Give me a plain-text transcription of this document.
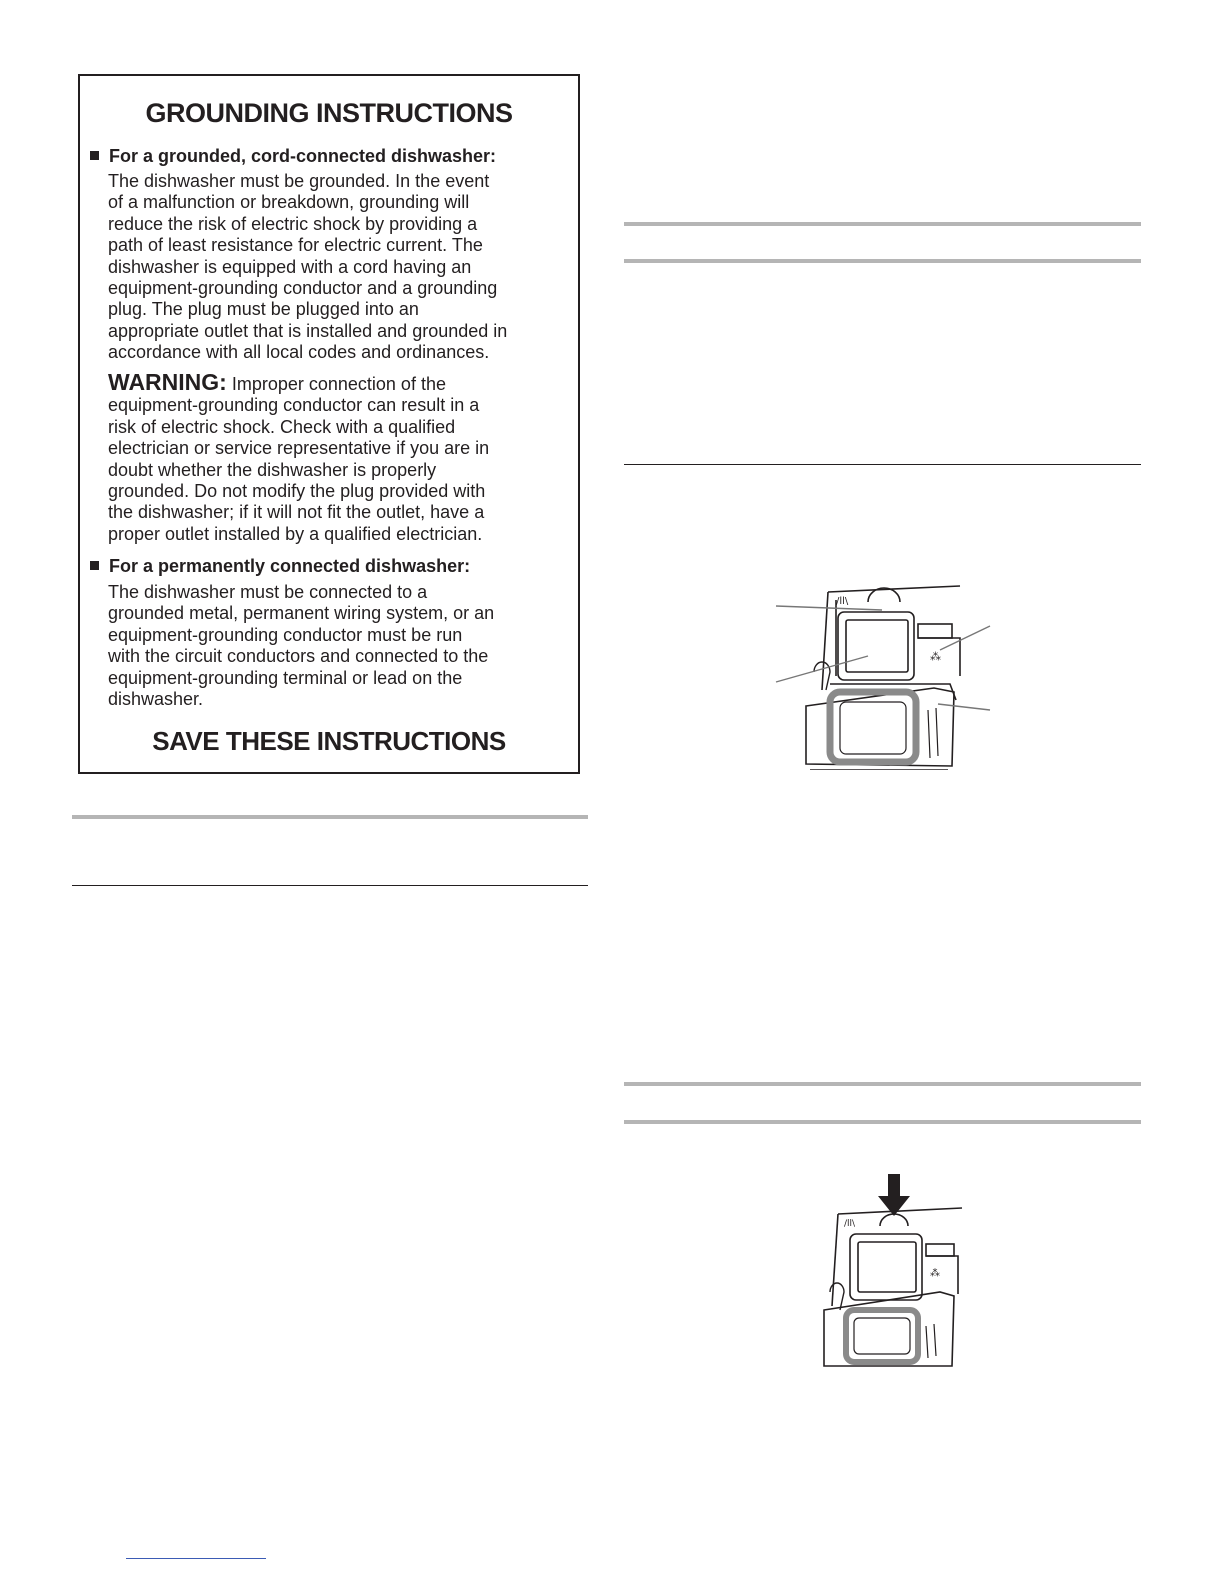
GROUNDING INSTRUCTIONS
For a grounded, cord-connected dishwasher:
The dishwasher must be grounded. In the event
of a malfunction or breakdown, grounding will
reduce the risk of electric shock by providing a
path of least resistance for electric current. The
dishwasher is equipped with a cord having an
equipment-grounding conductor and a grounding
plug. The plug must be plugged into an
appropriate outlet that is installed and grounded in
accordance with all local codes and ordinances.
WARNING: Improper connection of the
equipment-grounding conductor can result in a
risk of electric shock. Check with a qualified
electrician or service representative if you are in
doubt whether the dishwasher is properly
grounded. Do not modify the plug provided with
the dishwasher; if it will not fit the outlet, have a
proper outlet installed by a qualified electrician.
For a permanently connected dishwasher:
The dishwasher must be connected to a
grounded metal, permanent wiring system, or an
equipment-grounding conductor must be run
with the circuit conductors and connected to the
equipment-grounding terminal or lead on the
dishwasher.
SAVE THESE INSTRUCTIONS
/ll\
⁂
/ll\
⁂
